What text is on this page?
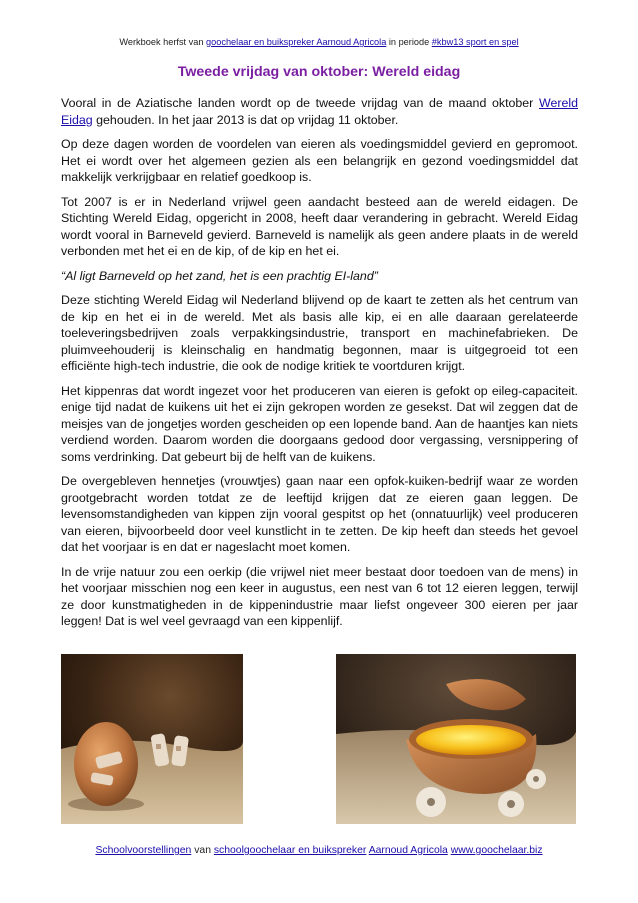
Werkboek herfst van goochelaar en buikspreker Aarnoud Agricola in periode #kbw13 sport en spel
Tweede vrijdag van oktober: Wereld eidag

Vooral in de Aziatische landen wordt op de tweede vrijdag van de maand oktober Wereld Eidag gehouden. In het jaar 2013 is dat op vrijdag 11 oktober.

Op deze dagen worden de voordelen van eieren als voedingsmiddel gevierd en gepromoot. Het ei wordt over het algemeen gezien als een belangrijk en gezond voedingsmiddel dat makkelijk verkrijgbaar en relatief goedkoop is.

Tot 2007 is er in Nederland vrijwel geen aandacht besteed aan de wereld eidagen. De Stichting Wereld Eidag, opgericht in 2008, heeft daar verandering in gebracht. Wereld Eidag wordt vooral in Barneveld gevierd. Barneveld is namelijk als geen andere plaats in de wereld verbonden met het ei en de kip, of de kip en het ei.

“Al ligt Barneveld op het zand, het is een prachtig EI-land”

Deze stichting Wereld Eidag wil Nederland blijvend op de kaart te zetten als het centrum van de kip en het ei in de wereld. Met als basis alle kip, ei en alle daaraan gerelateerde toeleveringsbedrijven zoals verpakkingsindustrie, transport en machinefabrieken. De pluimveehouderij is kleinschalig en handmatig begonnen, maar is uitgegroeid tot een efficiënte high-tech industrie, die ook de nodige kritiek te voortduren krijgt.

Het kippenras dat wordt ingezet voor het produceren van eieren is gefokt op eileg-capaciteit. enige tijd nadat de kuikens uit het ei zijn gekropen worden ze gesekst. Dat wil zeggen dat de meisjes van de jongetjes worden gescheiden op een lopende band. Aan de haantjes kan niets verdiend worden. Daarom worden die doorgaans gedood door vergassing, versnippering of soms verdrinking. Dat gebeurt bij de helft van de kuikens.

De overgebleven hennetjes (vrouwtjes) gaan naar een opfok-kuiken-bedrijf waar ze worden grootgebracht worden totdat ze de leeftijd krijgen dat ze eieren gaan leggen. De levensomstandigheden van kippen zijn vooral gespitst op het (onnatuurlijk) veel produceren van eieren, bijvoorbeeld door veel kunstlicht in te zetten. De kip heeft dan steeds het gevoel dat het voorjaar is en dat er nageslacht moet komen.

In de vrije natuur zou een oerkip (die vrijwel niet meer bestaat door toedoen van de mens) in het voorjaar misschien nog een keer in augustus, een nest van 6 tot 12 eieren leggen, terwijl ze door kunstmatigheden in de kippenindustrie maar liefst ongeveer 300 eieren per jaar leggen! Dat is wel veel gevraagd van een kippenlijf.

Schoolvoorstellingen van schoolgoochelaar en buikspreker Aarnoud Agricola www.goochelaar.biz
